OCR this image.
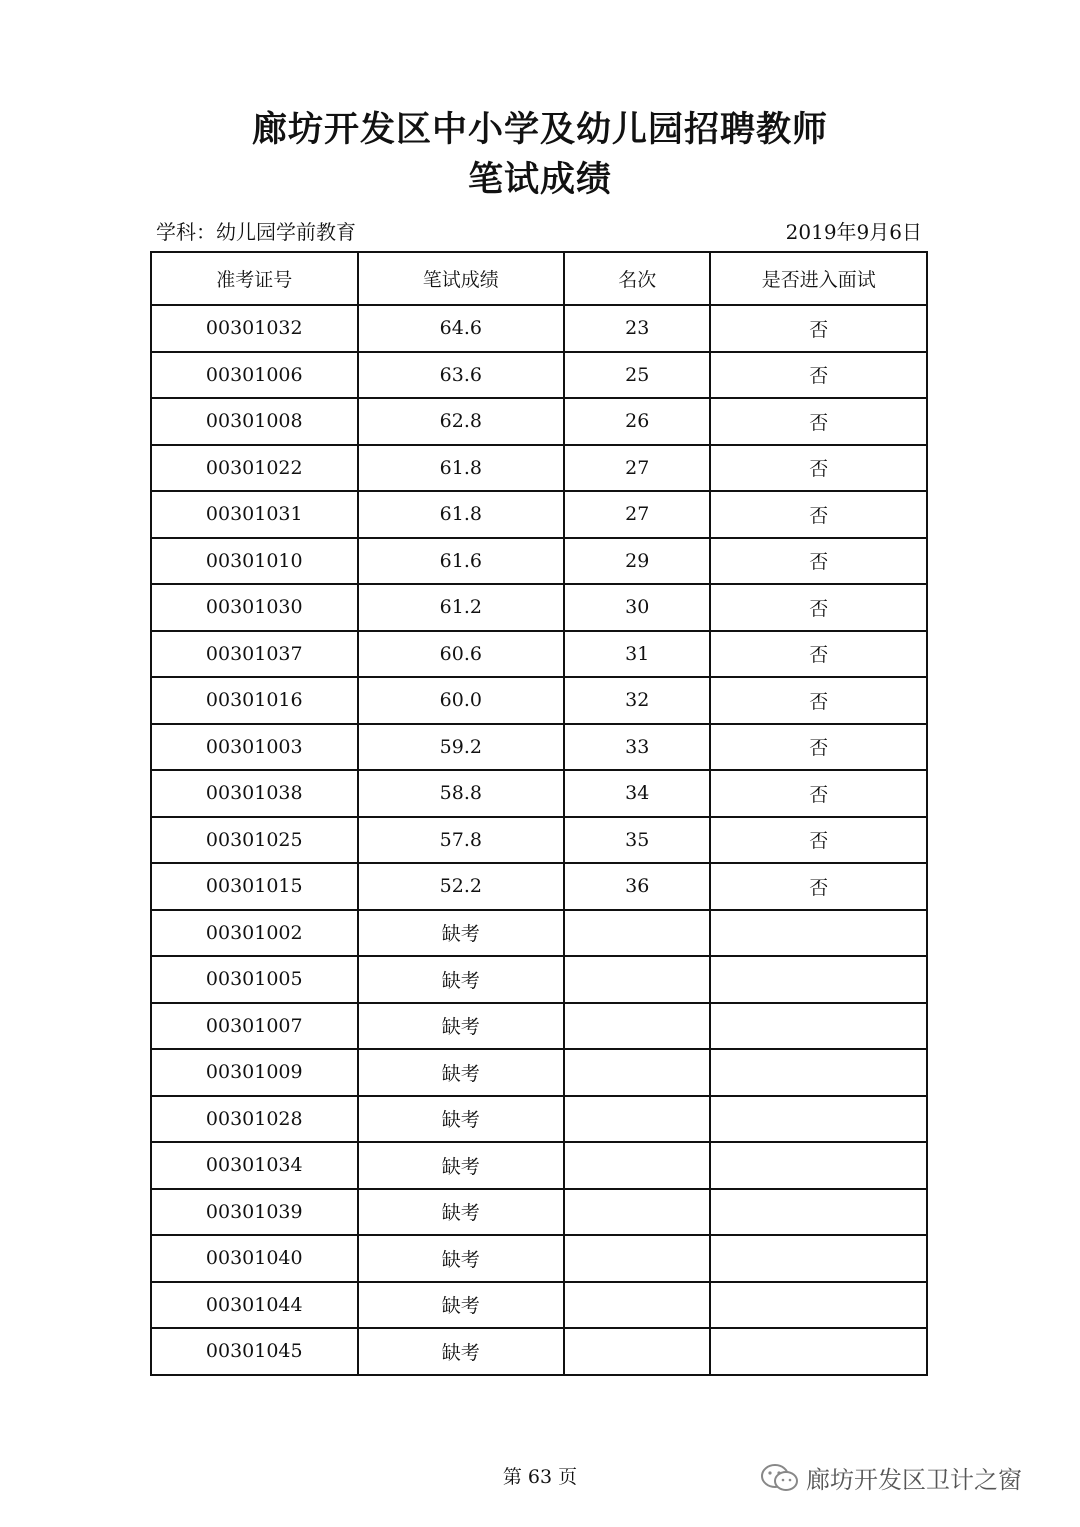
廊坊开发区中小学及幼儿园招聘教师
笔试成绩
学科：幼儿园学前教育	2019年9月6日
准考证号	笔试成绩	名次	是否进入面试
00301032	64.6	23	否
00301006	63.6	25	否
00301008	62.8	26	否
00301022	61.8	27	否
00301031	61.8	27	否
00301010	61.6	29	否
00301030	61.2	30	否
00301037	60.6	31	否
00301016	60.0	32	否
00301003	59.2	33	否
00301038	58.8	34	否
00301025	57.8	35	否
00301015	52.2	36	否
00301002	缺考		
00301005	缺考		
00301007	缺考		
00301009	缺考		
00301028	缺考		
00301034	缺考		
00301039	缺考		
00301040	缺考		
00301044	缺考		
00301045	缺考		
第 63 页	廊坊开发区卫计之窗
